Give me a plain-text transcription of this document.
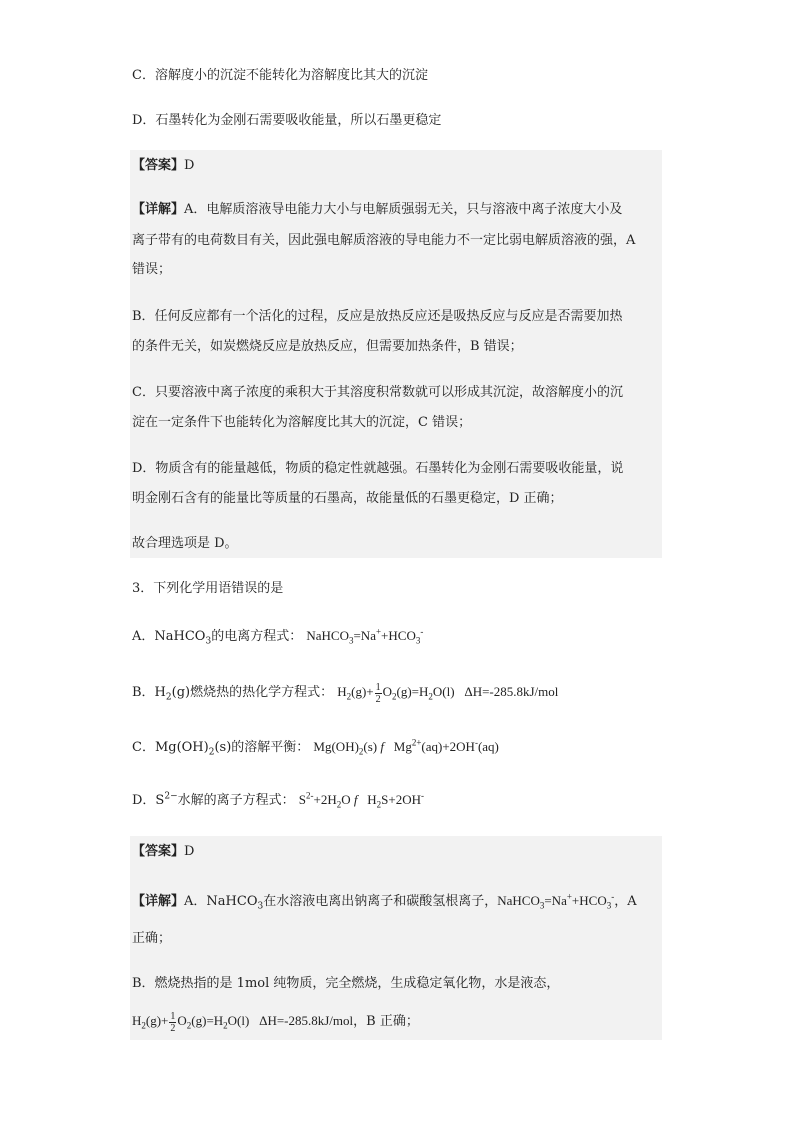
C．溶解度小的沉淀不能转化为溶解度比其大的沉淀
D．石墨转化为金刚石需要吸收能量，所以石墨更稳定
【答案】D
【详解】A．电解质溶液导电能力大小与电解质强弱无关，只与溶液中离子浓度大小及
离子带有的电荷数目有关，因此强电解质溶液的导电能力不一定比弱电解质溶液的强，A
错误；
B．任何反应都有一个活化的过程，反应是放热反应还是吸热反应与反应是否需要加热
的条件无关，如炭燃烧反应是放热反应，但需要加热条件，B 错误；
C．只要溶液中离子浓度的乘积大于其溶度积常数就可以形成其沉淀，故溶解度小的沉
淀在一定条件下也能转化为溶解度比其大的沉淀，C 错误；
D．物质含有的能量越低，物质的稳定性就越强。石墨转化为金刚石需要吸收能量，说
明金刚石含有的能量比等质量的石墨高，故能量低的石墨更稳定，D 正确；
故合理选项是 D。
3．下列化学用语错误的是
A．NaHCO$_3$的电离方程式： $NaHCO_3=Na^++HCO_3^-$
B．$H_2(g)$燃烧热的热化学方程式： $H_2(g)+ \frac{1}{2} O_2(g)=H_2O(l)$   ΔH=-285.8kJ/mol
C．$Mg(OH)_2(s)$的溶解平衡： $Mg(OH)_2(s)$ f   $Mg^{2+}(aq)+2OH^-(aq)$
D．$S^{2-}$水解的离子方程式： $S^{2-}+2H_2O$ f   $H_2S+2OH^-$
【答案】D
【详解】A．NaHCO$_3$在水溶液电离出钠离子和碳酸氢根离子，$NaHCO_3=Na^++HCO_3^-$，A
正确；
B．燃烧热指的是 1mol 纯物质，完全燃烧，生成稳定氧化物，水是液态，
$H_2(g)+ \frac{1}{2} O_2(g)=H_2O(l)$   ΔH=-285.8kJ/mol，B 正确；
